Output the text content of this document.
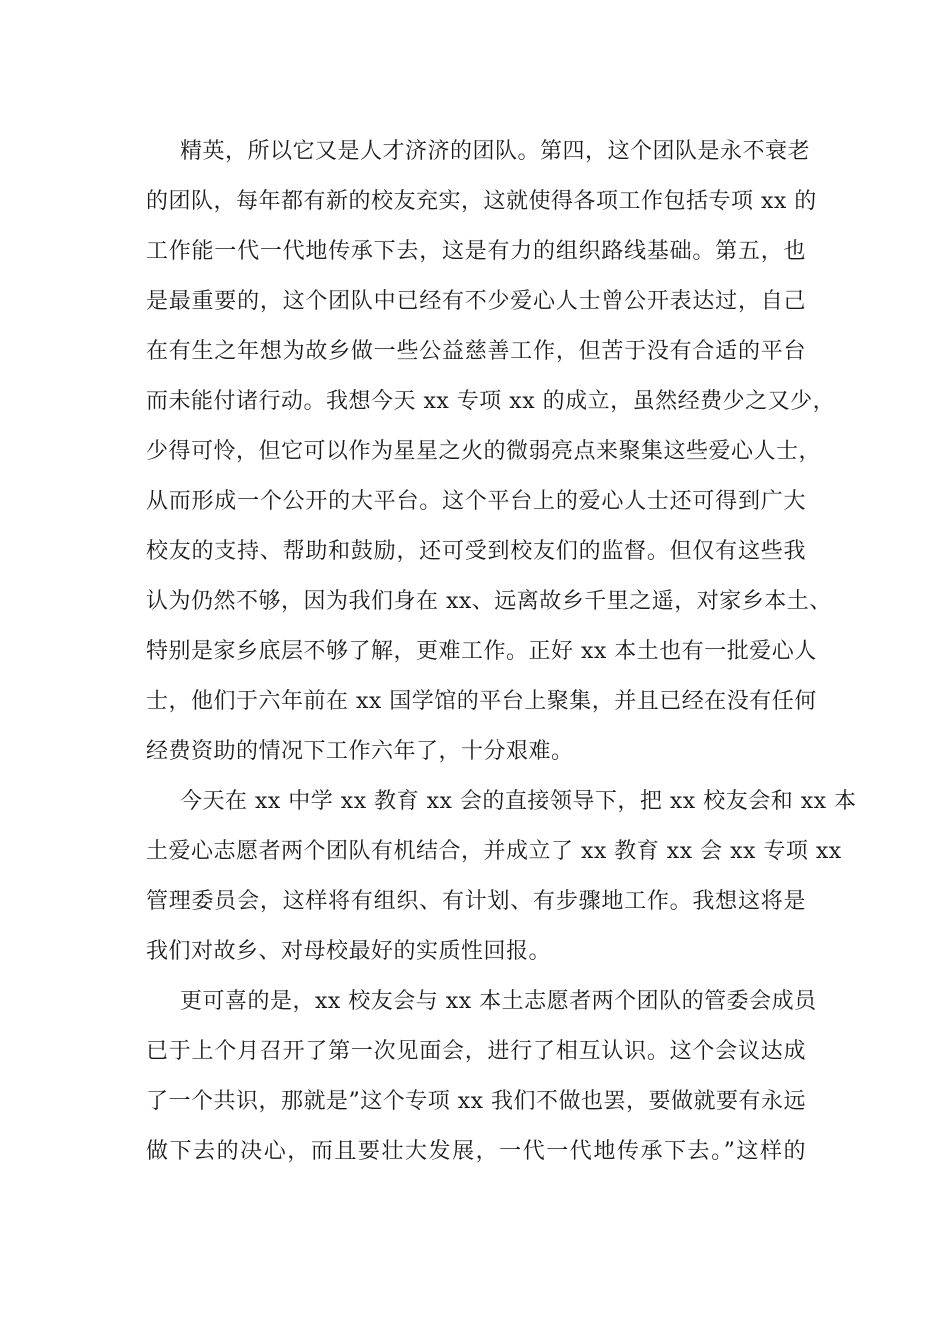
精英，所以它又是人才济济的团队。第四，这个团队是永不衰老
的团队，每年都有新的校友充实，这就使得各项工作包括专项 xx 的
工作能一代一代地传承下去，这是有力的组织路线基础。第五，也
是最重要的，这个团队中已经有不少爱心人士曾公开表达过，自己
在有生之年想为故乡做一些公益慈善工作，但苦于没有合适的平台
而未能付诸行动。我想今天 xx 专项 xx 的成立，虽然经费少之又少，
少得可怜，但它可以作为星星之火的微弱亮点来聚集这些爱心人士，
从而形成一个公开的大平台。这个平台上的爱心人士还可得到广大
校友的支持、帮助和鼓励，还可受到校友们的监督。但仅有这些我
认为仍然不够，因为我们身在 xx、远离故乡千里之遥，对家乡本土、
特别是家乡底层不够了解，更难工作。正好 xx 本土也有一批爱心人
士，他们于六年前在 xx 国学馆的平台上聚集，并且已经在没有任何
经费资助的情况下工作六年了，十分艰难。
今天在 xx 中学 xx 教育 xx 会的直接领导下，把 xx 校友会和 xx 本
土爱心志愿者两个团队有机结合，并成立了 xx 教育 xx 会 xx 专项 xx
管理委员会，这样将有组织、有计划、有步骤地工作。我想这将是
我们对故乡、对母校最好的实质性回报。
更可喜的是，xx 校友会与 xx 本土志愿者两个团队的管委会成员
已于上个月召开了第一次见面会，进行了相互认识。这个会议达成
了一个共识，那就是”这个专项 xx 我们不做也罢，要做就要有永远
做下去的决心，而且要壮大发展，一代一代地传承下去。”这样的
